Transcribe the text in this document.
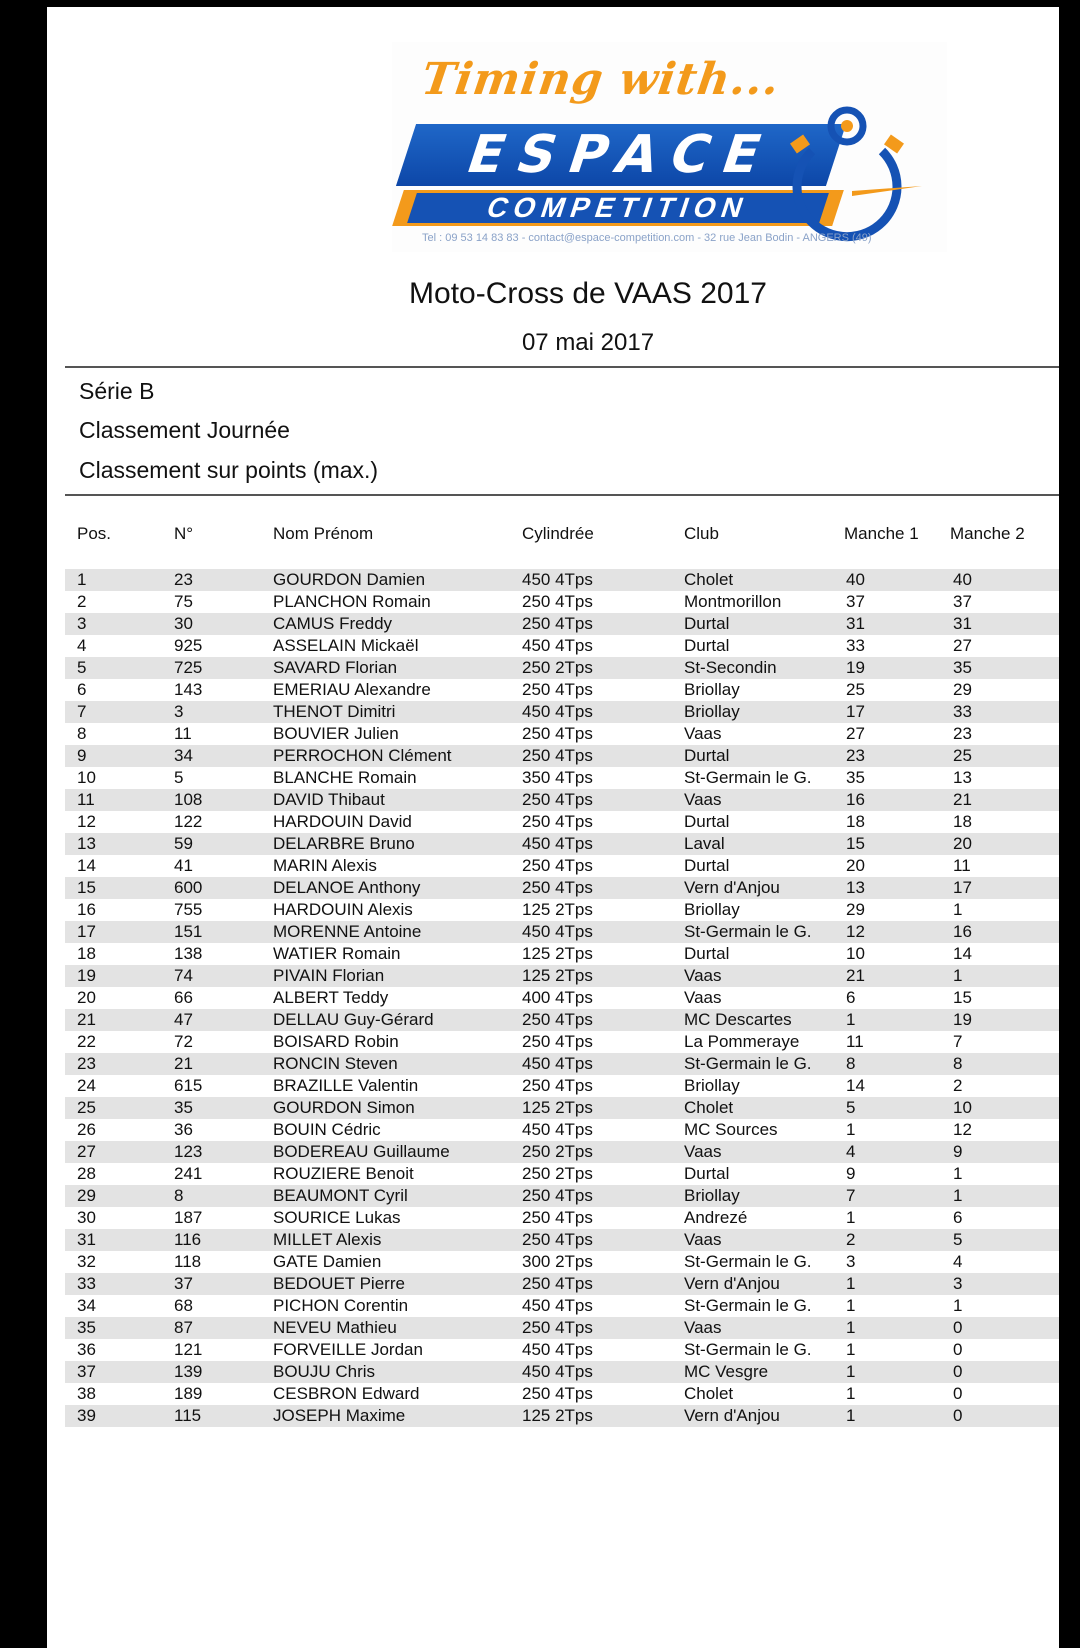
Timing with...
ESPACE
COMPETITION
Tel : 09 53 14 83 83 - contact@espace-competition.com - 32 rue Jean Bodin - ANGERS (49)
Moto-Cross de VAAS 2017
07 mai 2017
Série B
Classement Journée
Classement sur points (max.)
Pos.	N°	Nom Prénom	Cylindrée	Club	Manche 1 Manche 2
1	23	GOURDON Damien	450 4Tps	Cholet	40	40
2	75	PLANCHON Romain	250 4Tps	Montmorillon	37	37
3	30	CAMUS Freddy	250 4Tps	Durtal	31	31
4	925	ASSELAIN Mickaël	450 4Tps	Durtal	33	27
5	725	SAVARD Florian	250 2Tps	St-Secondin	19	35
6	143	EMERIAU Alexandre	250 4Tps	Briollay	25	29
7	3	THENOT Dimitri	450 4Tps	Briollay	17	33
8	11	BOUVIER Julien	250 4Tps	Vaas	27	23
9	34	PERROCHON Clément	250 4Tps	Durtal	23	25
10	5	BLANCHE Romain	350 4Tps	St-Germain le G. 35	13
11	108	DAVID Thibaut	250 4Tps	Vaas	16	21
12	122	HARDOUIN David	250 4Tps	Durtal	18	18
13	59	DELARBRE Bruno	450 4Tps	Laval	15	20
14	41	MARIN Alexis	250 4Tps	Durtal	20	11
15	600	DELANOE Anthony	250 4Tps	Vern d'Anjou	13	17
16	755	HARDOUIN Alexis	125 2Tps	Briollay	29	1
17	151	MORENNE Antoine	450 4Tps	St-Germain le G. 12	16
18	138	WATIER Romain	125 2Tps	Durtal	10	14
19	74	PIVAIN Florian	125 2Tps	Vaas	21	1
20	66	ALBERT Teddy	400 4Tps	Vaas	6	15
21	47	DELLAU Guy-Gérard	250 4Tps	MC Descartes	1	19
22	72	BOISARD Robin	250 4Tps	La Pommeraye	11	7
23	21	RONCIN Steven	450 4Tps	St-Germain le G. 8	8
24	615	BRAZILLE Valentin	250 4Tps	Briollay	14	2
25	35	GOURDON Simon	125 2Tps	Cholet	5	10
26	36	BOUIN Cédric	450 4Tps	MC Sources	1	12
27	123	BODEREAU Guillaume	250 2Tps	Vaas	4	9
28	241	ROUZIERE Benoit	250 2Tps	Durtal	9	1
29	8	BEAUMONT Cyril	250 4Tps	Briollay	7	1
30	187	SOURICE Lukas	250 4Tps	Andrezé	1	6
31	116	MILLET Alexis	250 4Tps	Vaas	2	5
32	118	GATE Damien	300 2Tps	St-Germain le G. 3	4
33	37	BEDOUET Pierre	250 4Tps	Vern d'Anjou	1	3
34	68	PICHON Corentin	450 4Tps	St-Germain le G. 1	1
35	87	NEVEU Mathieu	250 4Tps	Vaas	1	0
36	121	FORVEILLE Jordan	450 4Tps	St-Germain le G. 1	0
37	139	BOUJU Chris	450 4Tps	MC Vesgre	1	0
38	189	CESBRON Edward	250 4Tps	Cholet	1	0
39	115	JOSEPH Maxime	125 2Tps	Vern d'Anjou	1	0
